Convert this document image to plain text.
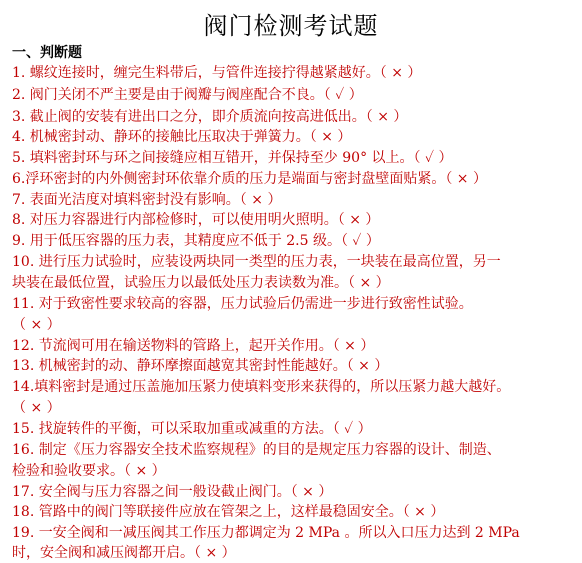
阀门检测考试题
一、判断题
1. 螺纹连接时，缠完生料带后，与管件连接拧得越紧越好。（ × ）
2. 阀门关闭不严主要是由于阀瓣与阀座配合不良。（ ✓ ）
3. 截止阀的安装有进出口之分，即介质流向按高进低出。（ × ）
4. 机械密封动、静环的接触比压取决于弹簧力。（ × ）
5. 填料密封环与环之间接缝应相互错开，并保持至少 90° 以上。（ ✓ ）
6.浮环密封的内外侧密封环依靠介质的压力是端面与密封盘壁面贴紧。（ × ）
7. 表面光洁度对填料密封没有影响。（ × ）
8. 对压力容器进行内部检修时，可以使用明火照明。（ × ）
9. 用于低压容器的压力表，其精度应不低于 2.5 级。（ ✓ ）
10. 进行压力试验时，应装设两块同一类型的压力表，一块装在最高位置，另一
块装在最低位置，试验压力以最低处压力表读数为准。（ × ）
11. 对于致密性要求较高的容器，压力试验后仍需进一步进行致密性试验。
（ × ）
12. 节流阀可用在输送物料的管路上，起开关作用。（ × ）
13. 机械密封的动、静环摩擦面越宽其密封性能越好。（ × ）
14.填料密封是通过压盖施加压紧力使填料变形来获得的，所以压紧力越大越好。
（ × ）
15. 找旋转件的平衡，可以采取加重或减重的方法。（ ✓ ）
16. 制定《压力容器安全技术监察规程》的目的是规定压力容器的设计、制造、
检验和验收要求。（ × ）
17. 安全阀与压力容器之间一般设截止阀门。（ × ）
18. 管路中的阀门等联接件应放在管架之上，这样最稳固安全。（ × ）
19. 一安全阀和一减压阀其工作压力都调定为 2 MPa 。所以入口压力达到 2 MPa
时，安全阀和减压阀都开启。（ × ）
